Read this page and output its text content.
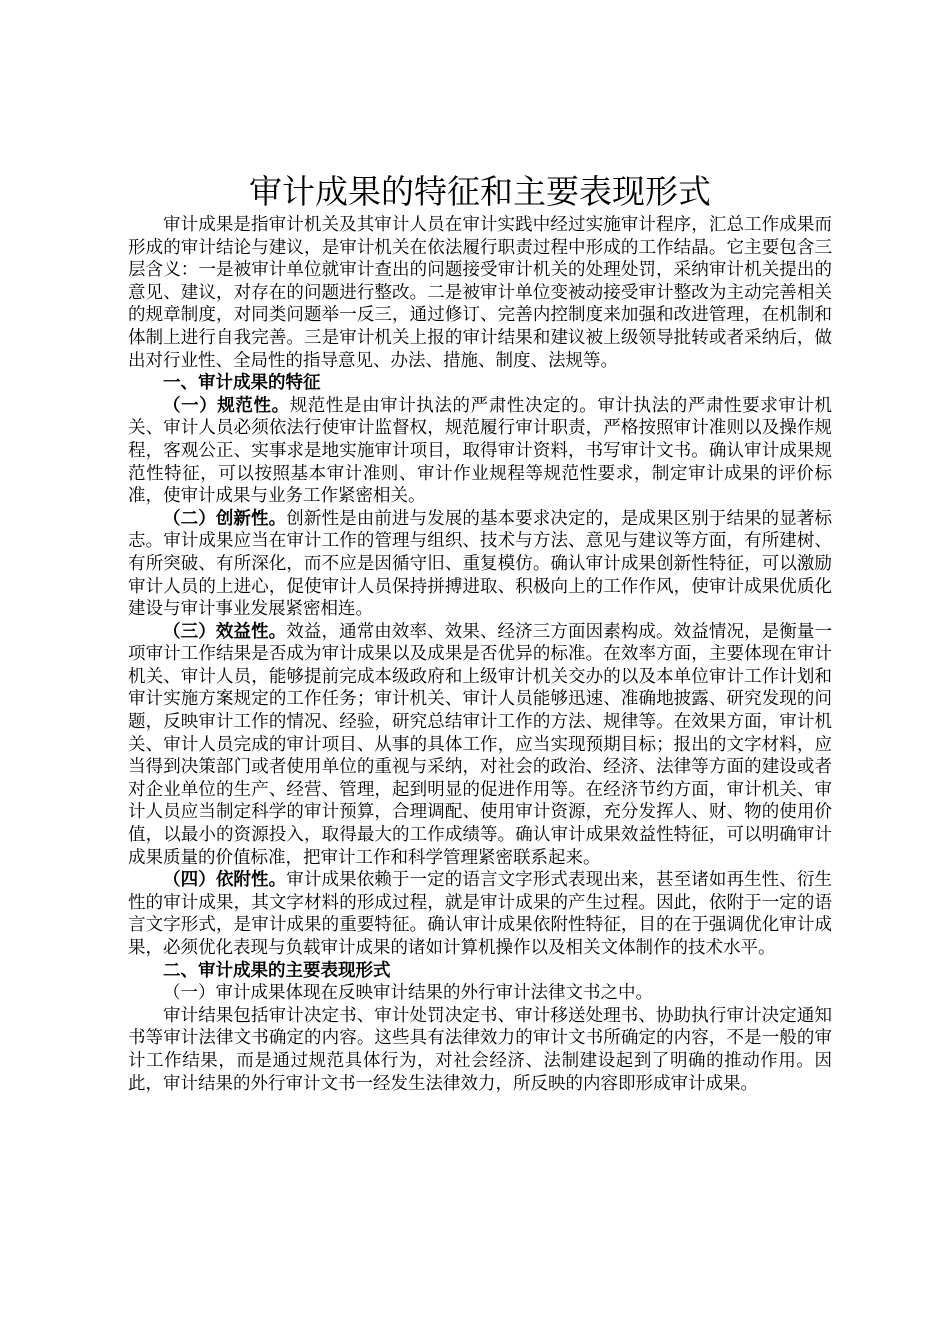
审计成果的特征和主要表现形式

审计成果是指审计机关及其审计人员在审计实践中经过实施审计程序，汇总工作成果而形成的审计结论与建议，是审计机关在依法履行职责过程中形成的工作结晶。它主要包含三层含义：一是被审计单位就审计查出的问题接受审计机关的处理处罚，采纳审计机关提出的意见、建议，对存在的问题进行整改。二是被审计单位变被动接受审计整改为主动完善相关的规章制度，对同类问题举一反三，通过修订、完善内控制度来加强和改进管理，在机制和体制上进行自我完善。三是审计机关上报的审计结果和建议被上级领导批转或者采纳后，做出对行业性、全局性的指导意见、办法、措施、制度、法规等。

一、审计成果的特征

（一）规范性。规范性是由审计执法的严肃性决定的。审计执法的严肃性要求审计机关、审计人员必须依法行使审计监督权，规范履行审计职责，严格按照审计准则以及操作规程，客观公正、实事求是地实施审计项目，取得审计资料，书写审计文书。确认审计成果规范性特征，可以按照基本审计准则、审计作业规程等规范性要求，制定审计成果的评价标准，使审计成果与业务工作紧密相关。

（二）创新性。创新性是由前进与发展的基本要求决定的，是成果区别于结果的显著标志。审计成果应当在审计工作的管理与组织、技术与方法、意见与建议等方面，有所建树、有所突破、有所深化，而不应是因循守旧、重复模仿。确认审计成果创新性特征，可以激励审计人员的上进心，促使审计人员保持拼搏进取、积极向上的工作作风，使审计成果优质化建设与审计事业发展紧密相连。

（三）效益性。效益，通常由效率、效果、经济三方面因素构成。效益情况，是衡量一项审计工作结果是否成为审计成果以及成果是否优异的标准。在效率方面，主要体现在审计机关、审计人员，能够提前完成本级政府和上级审计机关交办的以及本单位审计工作计划和审计实施方案规定的工作任务；审计机关、审计人员能够迅速、准确地披露、研究发现的问题，反映审计工作的情况、经验，研究总结审计工作的方法、规律等。在效果方面，审计机关、审计人员完成的审计项目、从事的具体工作，应当实现预期目标；报出的文字材料，应当得到决策部门或者使用单位的重视与采纳，对社会的政治、经济、法律等方面的建设或者对企业单位的生产、经营、管理，起到明显的促进作用等。在经济节约方面，审计机关、审计人员应当制定科学的审计预算，合理调配、使用审计资源，充分发挥人、财、物的使用价值，以最小的资源投入，取得最大的工作成绩等。确认审计成果效益性特征，可以明确审计成果质量的价值标准，把审计工作和科学管理紧密联系起来。

（四）依附性。审计成果依赖于一定的语言文字形式表现出来，甚至诸如再生性、衍生性的审计成果，其文字材料的形成过程，就是审计成果的产生过程。因此，依附于一定的语言文字形式，是审计成果的重要特征。确认审计成果依附性特征，目的在于强调优化审计成果，必须优化表现与负载审计成果的诸如计算机操作以及相关文体制作的技术水平。

二、审计成果的主要表现形式

（一）审计成果体现在反映审计结果的外行审计法律文书之中。

审计结果包括审计决定书、审计处罚决定书、审计移送处理书、协助执行审计决定通知书等审计法律文书确定的内容。这些具有法律效力的审计文书所确定的内容，不是一般的审计工作结果，而是通过规范具体行为，对社会经济、法制建设起到了明确的推动作用。因此，审计结果的外行审计文书一经发生法律效力，所反映的内容即形成审计成果。
